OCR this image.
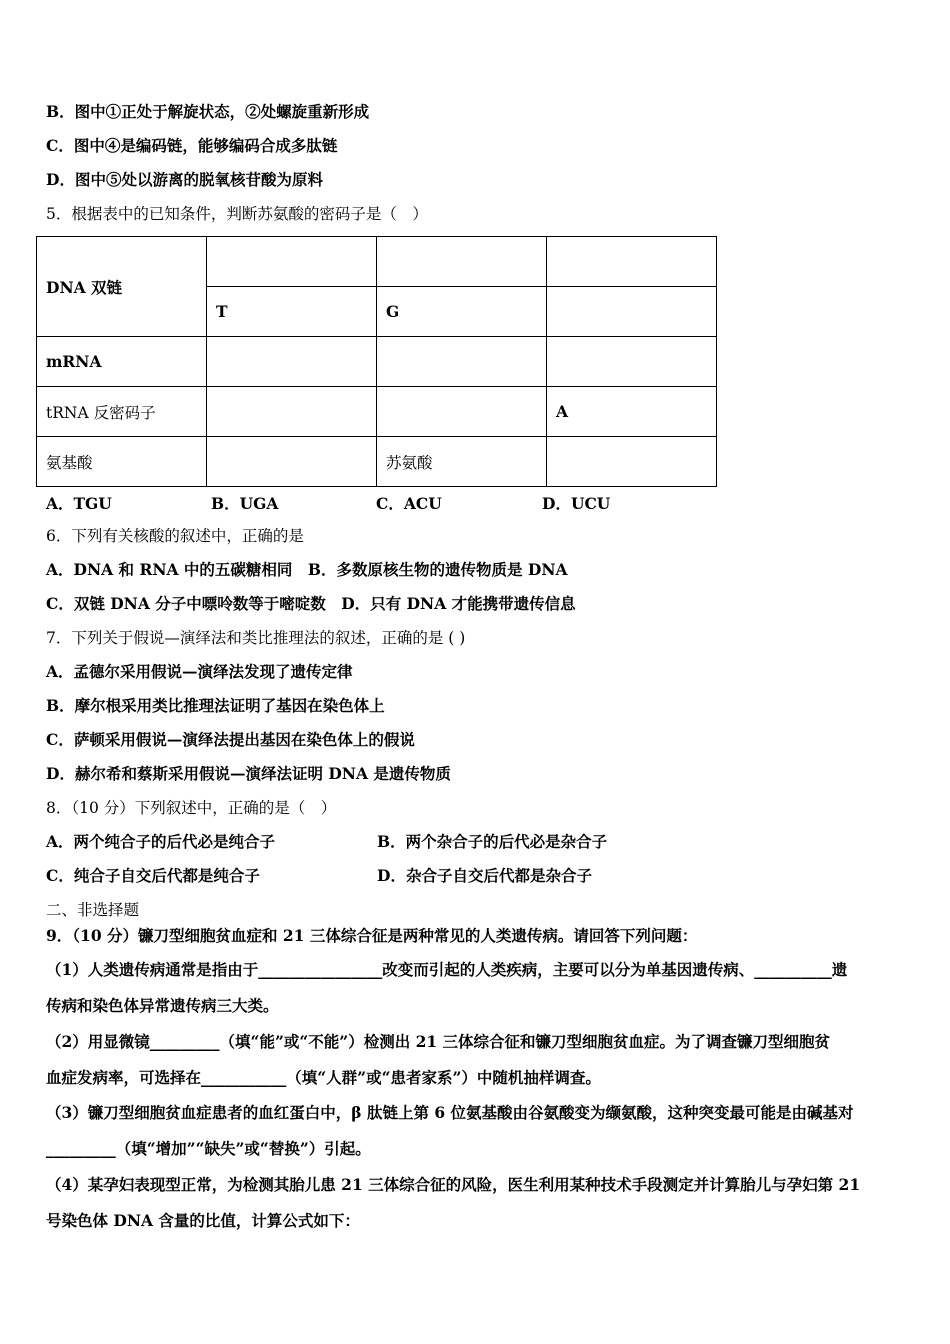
B．图中①正处于解旋状态，②处螺旋重新形成
C．图中④是编码链，能够编码合成多肽链
D．图中⑤处以游离的脱氧核苷酸为原料
5．根据表中的已知条件，判断苏氨酸的密码子是（　）
DNA 双链			
	T	G	
mRNA			
tRNA 反密码子			A
氨基酸		苏氨酸	
A．TGU	B．UGA	C．ACU	D．UCU
6．下列有关核酸的叙述中，正确的是
A．DNA 和 RNA 中的五碳糖相同　B．多数原核生物的遗传物质是 DNA
C．双链 DNA 分子中嘌呤数等于嘧啶数　D．只有 DNA 才能携带遗传信息
7．下列关于假说—演绎法和类比推理法的叙述，正确的是 ( )
A．孟德尔采用假说—演绎法发现了遗传定律
B．摩尔根采用类比推理法证明了基因在染色体上
C．萨顿采用假说—演绎法提出基因在染色体上的假说
D．赫尔希和蔡斯采用假说—演绎法证明 DNA 是遗传物质
8．（10 分）下列叙述中，正确的是（　）
A．两个纯合子的后代必是纯合子	B．两个杂合子的后代必是杂合子
C．纯合子自交后代都是纯合子	D．杂合子自交后代都是杂合子
二、非选择题
9．（10 分）镰刀型细胞贫血症和 21 三体综合征是两种常见的人类遗传病。请回答下列问题：
（1）人类遗传病通常是指由于________________改变而引起的人类疾病，主要可以分为单基因遗传病、__________遗
传病和染色体异常遗传病三大类。
（2）用显微镜_________（填“能”或“不能”）检测出 21 三体综合征和镰刀型细胞贫血症。为了调查镰刀型细胞贫
血症发病率，可选择在___________（填“人群”或“患者家系”）中随机抽样调查。
（3）镰刀型细胞贫血症患者的血红蛋白中，β 肽链上第 6 位氨基酸由谷氨酸变为缬氨酸，这种突变最可能是由碱基对
_________（填“增加”“缺失”或“替换”）引起。
（4）某孕妇表现型正常，为检测其胎儿患 21 三体综合征的风险，医生利用某种技术手段测定并计算胎儿与孕妇第 21
号染色体 DNA 含量的比值，计算公式如下：
